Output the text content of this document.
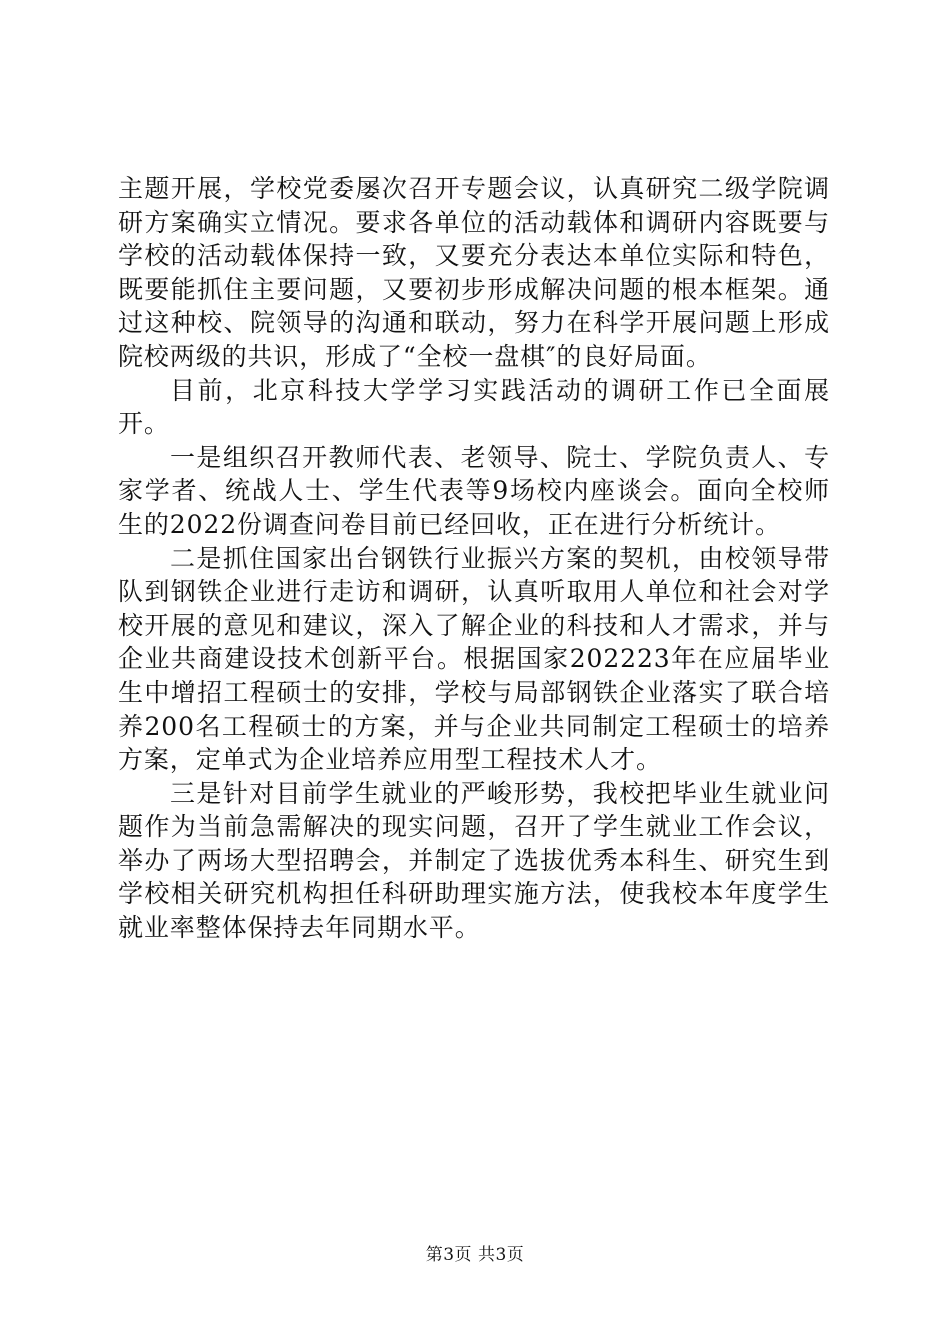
主题开展，学校党委屡次召开专题会议，认真研究二级学院调研方案确实立情况。要求各单位的活动载体和调研内容既要与学校的活动载体保持一致，又要充分表达本单位实际和特色，既要能抓住主要问题，又要初步形成解决问题的根本框架。通过这种校、院领导的沟通和联动，努力在科学开展问题上形成院校两级的共识，形成了“全校一盘棋″的良好局面。

目前，北京科技大学学习实践活动的调研工作已全面展开。

一是组织召开教师代表、老领导、院士、学院负责人、专家学者、统战人士、学生代表等9场校内座谈会。面向全校师生的2022份调查问卷目前已经回收，正在进行分析统计。

二是抓住国家出台钢铁行业振兴方案的契机，由校领导带队到钢铁企业进行走访和调研，认真听取用人单位和社会对学校开展的意见和建议，深入了解企业的科技和人才需求，并与企业共商建设技术创新平台。根据国家202223年在应届毕业生中增招工程硕士的安排，学校与局部钢铁企业落实了联合培养200名工程硕士的方案，并与企业共同制定工程硕士的培养方案，定单式为企业培养应用型工程技术人才。

三是针对目前学生就业的严峻形势，我校把毕业生就业问题作为当前急需解决的现实问题，召开了学生就业工作会议，举办了两场大型招聘会，并制定了选拔优秀本科生、研究生到学校相关研究机构担任科研助理实施方法，使我校本年度学生就业率整体保持去年同期水平。

第3页 共3页
